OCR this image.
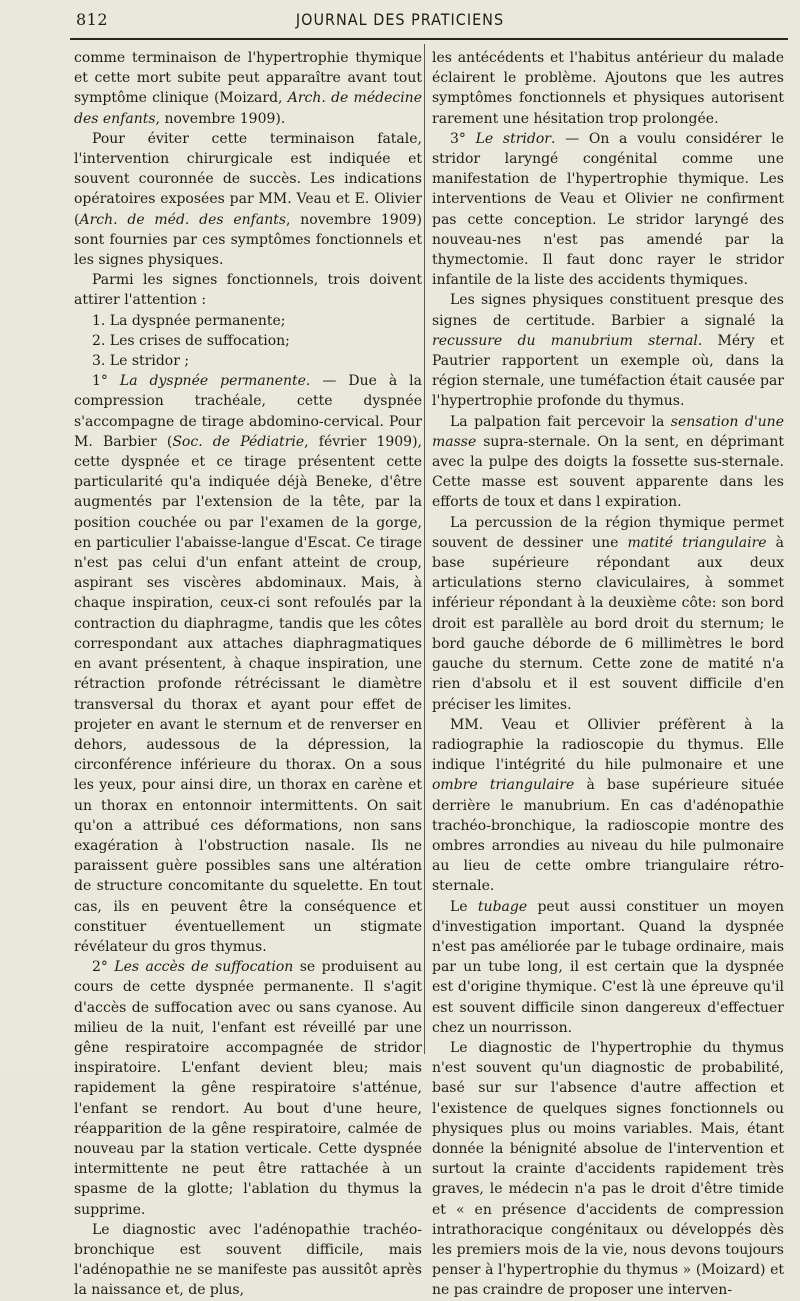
812	JOURNAL DES PRATICIENS

comme terminaison de l'hypertrophie thymique et cette mort subite peut apparaître avant tout symptôme clinique (Moizard, Arch. de médecine des enfants, novembre 1909).

Pour éviter cette terminaison fatale, l'intervention chirurgicale est indiquée et souvent couronnée de succès. Les indications opératoires exposées par MM. Veau et E. Olivier (Arch. de méd. des enfants, novembre 1909) sont fournies par ces symptômes fonctionnels et les signes physiques.

Parmi les signes fonctionnels, trois doivent attirer l'attention :

1. La dyspnée permanente;

2. Les crises de suffocation;

3. Le stridor ;

1° La dyspnée permanente. — Due à la compression trachéale, cette dyspnée s'accompagne de tirage abdomino-cervical. Pour M. Barbier (Soc. de Pédiatrie, février 1909), cette dyspnée et ce tirage présentent cette particularité qu'a indiquée déjà Beneke, d'être augmentés par l'extension de la tête, par la position couchée ou par l'examen de la gorge, en particulier l'abaisse-langue d'Escat. Ce tirage n'est pas celui d'un enfant atteint de croup, aspirant ses viscères abdominaux. Mais, à chaque inspiration, ceux-ci sont refoulés par la contraction du diaphragme, tandis que les côtes correspondant aux attaches diaphragmatiques en avant présentent, à chaque inspiration, une rétraction profonde rétrécissant le diamètre transversal du thorax et ayant pour effet de projeter en avant le sternum et de renverser en dehors, audessous de la dépression, la circonférence inférieure du thorax. On a sous les yeux, pour ainsi dire, un thorax en carène et un thorax en entonnoir intermittents. On sait qu'on a attribué ces déformations, non sans exagération à l'obstruction nasale. Ils ne paraissent guère possibles sans une altération de structure concomitante du squelette. En tout cas, ils en peuvent être la conséquence et constituer éventuellement un stigmate révélateur du gros thymus.

2° Les accès de suffocation se produisent au cours de cette dyspnée permanente. Il s'agit d'accès de suffocation avec ou sans cyanose. Au milieu de la nuit, l'enfant est réveillé par une gêne respiratoire accompagnée de stridor inspiratoire. L'enfant devient bleu; mais rapidement la gêne respiratoire s'atténue, l'enfant se rendort. Au bout d'une heure, réapparition de la gêne respiratoire, calmée de nouveau par la station verticale. Cette dyspnée intermittente ne peut être rattachée à un spasme de la glotte; l'ablation du thymus la supprime.

Le diagnostic avec l'adénopathie trachéo-bronchique est souvent difficile, mais l'adénopathie ne se manifeste pas aussitôt après la naissance et, de plus,

les antécédents et l'habitus antérieur du malade éclairent le problème. Ajoutons que les autres symptômes fonctionnels et physiques autorisent rarement une hésitation trop prolongée.

3° Le stridor. — On a voulu considérer le stridor laryngé congénital comme une manifestation de l'hypertrophie thymique. Les interventions de Veau et Olivier ne confirment pas cette conception. Le stridor laryngé des nouveau-nes n'est pas amendé par la thymectomie. Il faut donc rayer le stridor infantile de la liste des accidents thymiques.

Les signes physiques constituent presque des signes de certitude. Barbier a signalé la recussure du manubrium sternal. Méry et Pautrier rapportent un exemple où, dans la région sternale, une tuméfaction était causée par l'hypertrophie profonde du thymus.

La palpation fait percevoir la sensation d'une masse supra-sternale. On la sent, en déprimant avec la pulpe des doigts la fossette sus-sternale. Cette masse est souvent apparente dans les efforts de toux et dans l expiration.

La percussion de la région thymique permet souvent de dessiner une matité triangulaire à base supérieure répondant aux deux articulations sterno claviculaires, à sommet inférieur répondant à la deuxième côte: son bord droit est parallèle au bord droit du sternum; le bord gauche déborde de 6 millimètres le bord gauche du sternum. Cette zone de matité n'a rien d'absolu et il est souvent difficile d'en préciser les limites.

MM. Veau et Ollivier préfèrent à la radiographie la radioscopie du thymus. Elle indique l'intégrité du hile pulmonaire et une ombre triangulaire à base supérieure située derrière le manubrium. En cas d'adénopathie trachéo-bronchique, la radioscopie montre des ombres arrondies au niveau du hile pulmonaire au lieu de cette ombre triangulaire rétro-sternale.

Le tubage peut aussi constituer un moyen d'investigation important. Quand la dyspnée n'est pas améliorée par le tubage ordinaire, mais par un tube long, il est certain que la dyspnée est d'origine thymique. C'est là une épreuve qu'il est souvent difficile sinon dangereux d'effectuer chez un nourrisson.

Le diagnostic de l'hypertrophie du thymus n'est souvent qu'un diagnostic de probabilité, basé sur sur l'absence d'autre affection et l'existence de quelques signes fonctionnels ou physiques plus ou moins variables. Mais, étant donnée la bénignité absolue de l'intervention et surtout la crainte d'accidents rapidement très graves, le médecin n'a pas le droit d'être timide et « en présence d'accidents de compression intrathoracique congénitaux ou développés dès les premiers mois de la vie, nous devons toujours penser à l'hypertrophie du thymus » (Moizard) et ne pas craindre de proposer une interven-
